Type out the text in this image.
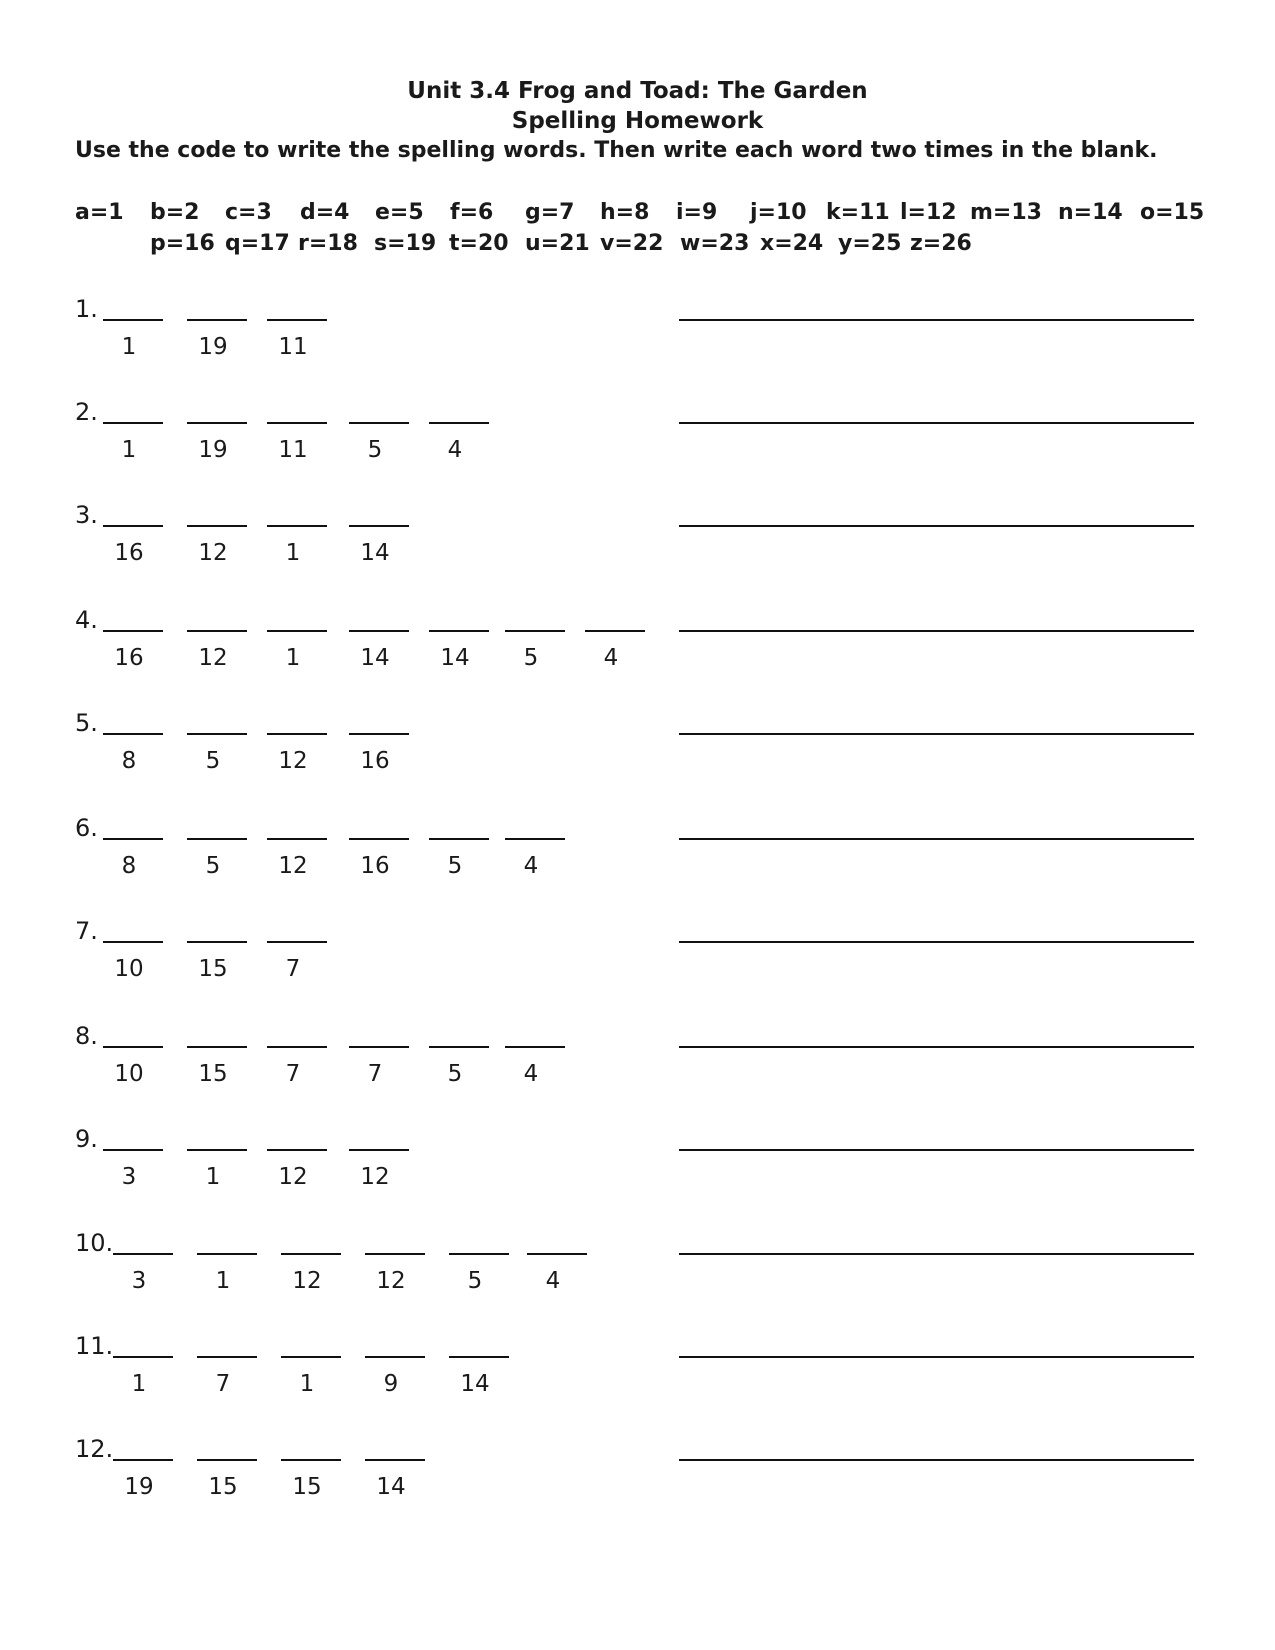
Unit 3.4 Frog and Toad: The Garden
Spelling Homework
Use the code to write the spelling words. Then write each word two times in the blank.
a=1 b=2 c=3 d=4 e=5 f=6 g=7 h=8 i=9 j=10 k=11 l=12 m=13 n=14 o=15
p=16 q=17 r=18 s=19 t=20 u=21 v=22 w=23 x=24 y=25 z=26
1.
1	19	11
2.
1	19	11	5	4
3.
16	12	1	14
4.
16	12	1	14	14	5	4
5.
8	5	12	16
6.
8	5	12	16	5	4
7.
10	15	7
8.
10	15	7	7	5	4
9.
3	1	12	12
10.
3	1	12	12	5	4
11.
1	7	1	9	14
12.
19	15	15	14
